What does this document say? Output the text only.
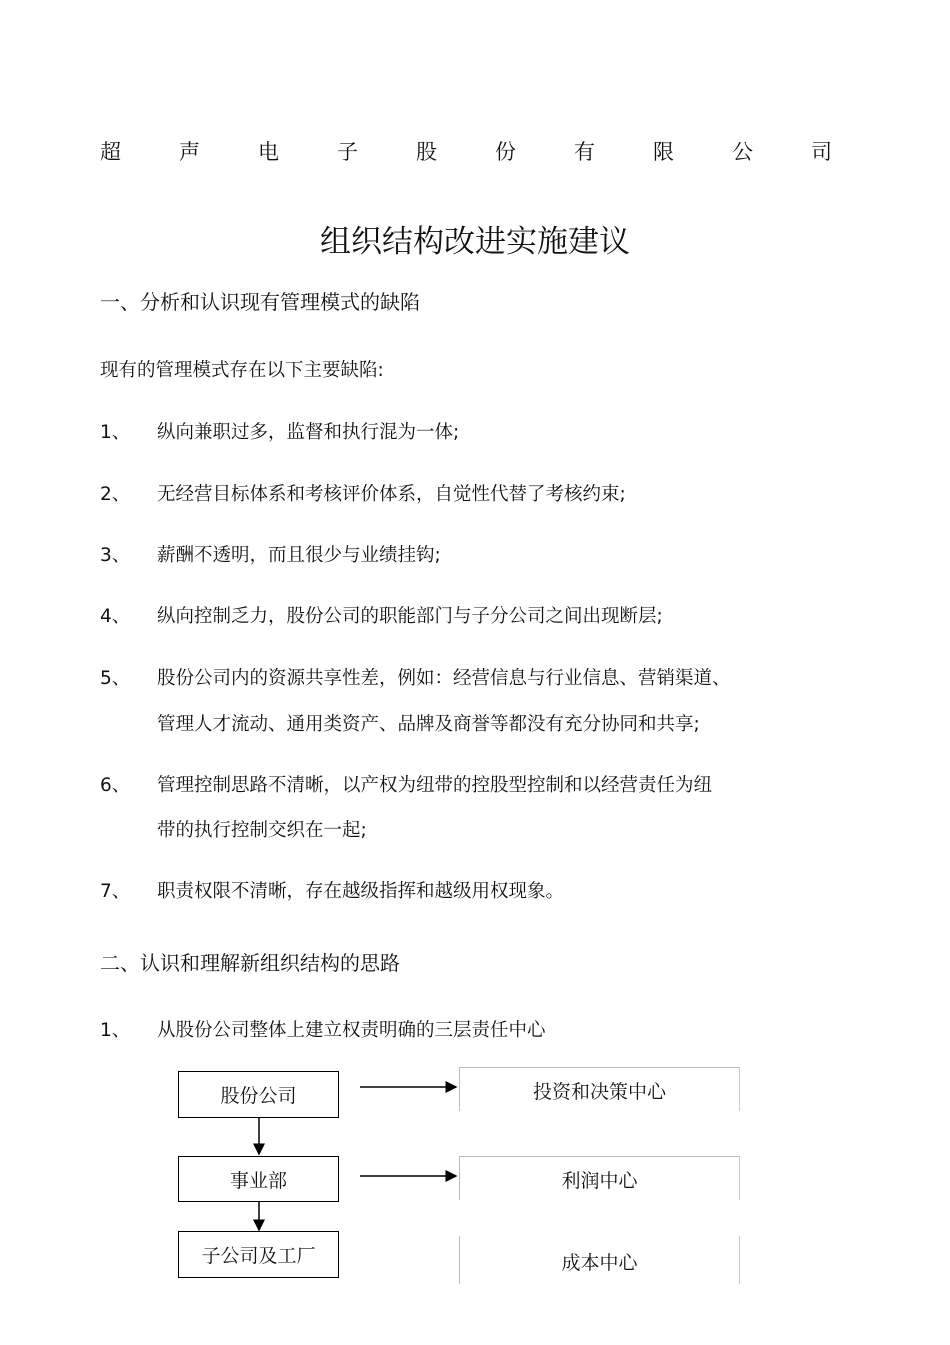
超	声	电	子	股	份	有	限	公	司
组织结构改进实施建议
一、分析和认识现有管理模式的缺陷
现有的管理模式存在以下主要缺陷:
1、 纵向兼职过多，监督和执行混为一体;
2、 无经营目标体系和考核评价体系，自觉性代替了考核约束;
3、 薪酬不透明，而且很少与业绩挂钩;
4、 纵向控制乏力，股份公司的职能部门与子分公司之间出现断层;
5、 股份公司内的资源共享性差，例如：经营信息与行业信息、营销渠道、
管理人才流动、通用类资产、品牌及商誉等都没有充分协同和共享;
6、 管理控制思路不清晰，以产权为纽带的控股型控制和以经营责任为纽
带的执行控制交织在一起;
7、 职责权限不清晰，存在越级指挥和越级用权现象。
二、认识和理解新组织结构的思路
1、 从股份公司整体上建立权责明确的三层责任中心
股份公司
事业部
子公司及工厂
投资和决策中心
利润中心
成本中心
